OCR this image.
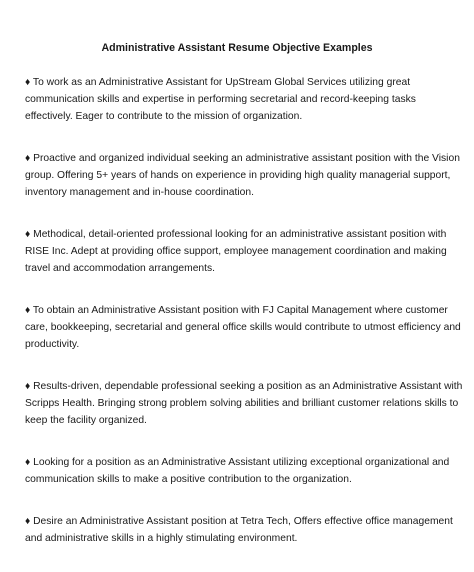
Administrative Assistant Resume Objective Examples

♦ To work as an Administrative Assistant for UpStream Global Services utilizing great
communication skills and expertise in performing secretarial and record-keeping tasks
effectively. Eager to contribute to the mission of organization.

♦ Proactive and organized individual seeking an administrative assistant position with the Vision
group. Offering 5+ years of hands on experience in providing high quality managerial support,
inventory management and in-house coordination.

♦ Methodical, detail-oriented professional looking for an administrative assistant position with
RISE Inc. Adept at providing office support, employee management coordination and making
travel and accommodation arrangements.

♦ To obtain an Administrative Assistant position with FJ Capital Management where customer
care, bookkeeping, secretarial and general office skills would contribute to utmost efficiency and
productivity.

♦ Results-driven, dependable professional seeking a position as an Administrative Assistant with
Scripps Health. Bringing strong problem solving abilities and brilliant customer relations skills to
keep the facility organized.

♦ Looking for a position as an Administrative Assistant utilizing exceptional organizational and
communication skills to make a positive contribution to the organization.

♦ Desire an Administrative Assistant position at Tetra Tech, Offers effective office management
and administrative skills in a highly stimulating environment.
